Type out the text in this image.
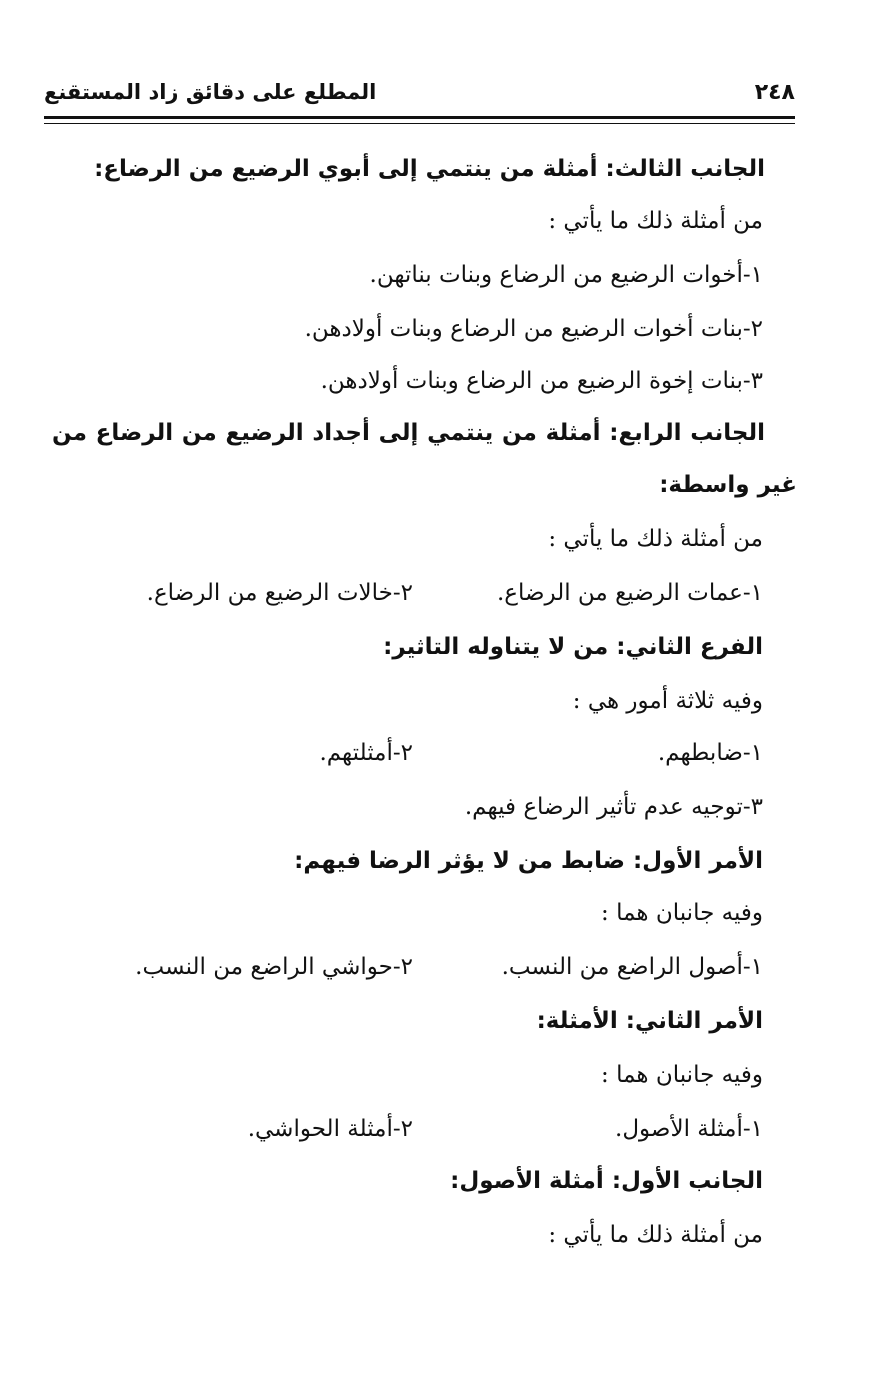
٢٤٨
المطلع على دقائق زاد المستقنع
الجانب الثالث: أمثلة من ينتمي إلى أبوي الرضيع من الرضاع:
من أمثلة ذلك ما يأتي :
١-أخوات الرضيع من الرضاع وبنات بناتهن.
٢-بنات أخوات الرضيع من الرضاع وبنات أولادهن.
٣-بنات إخوة الرضيع من الرضاع وبنات أولادهن.
الجانب الرابع: أمثلة من ينتمي إلى أجداد الرضيع من الرضاع من
غير واسطة:
من أمثلة ذلك ما يأتي :
١-عمات الرضيع من الرضاع.
٢-خالات الرضيع من الرضاع.
الفرع الثاني: من لا يتناوله التاثير:
وفيه ثلاثة أمور هي :
١-ضابطهم.
٢-أمثلتهم.
٣-توجيه عدم تأثير الرضاع فيهم.
الأمر الأول: ضابط من لا يؤثر الرضا فيهم:
وفيه جانبان هما :
١-أصول الراضع من النسب.
٢-حواشي الراضع من النسب.
الأمر الثاني: الأمثلة:
وفيه جانبان هما :
١-أمثلة الأصول.
٢-أمثلة الحواشي.
الجانب الأول: أمثلة الأصول:
من أمثلة ذلك ما يأتي :
